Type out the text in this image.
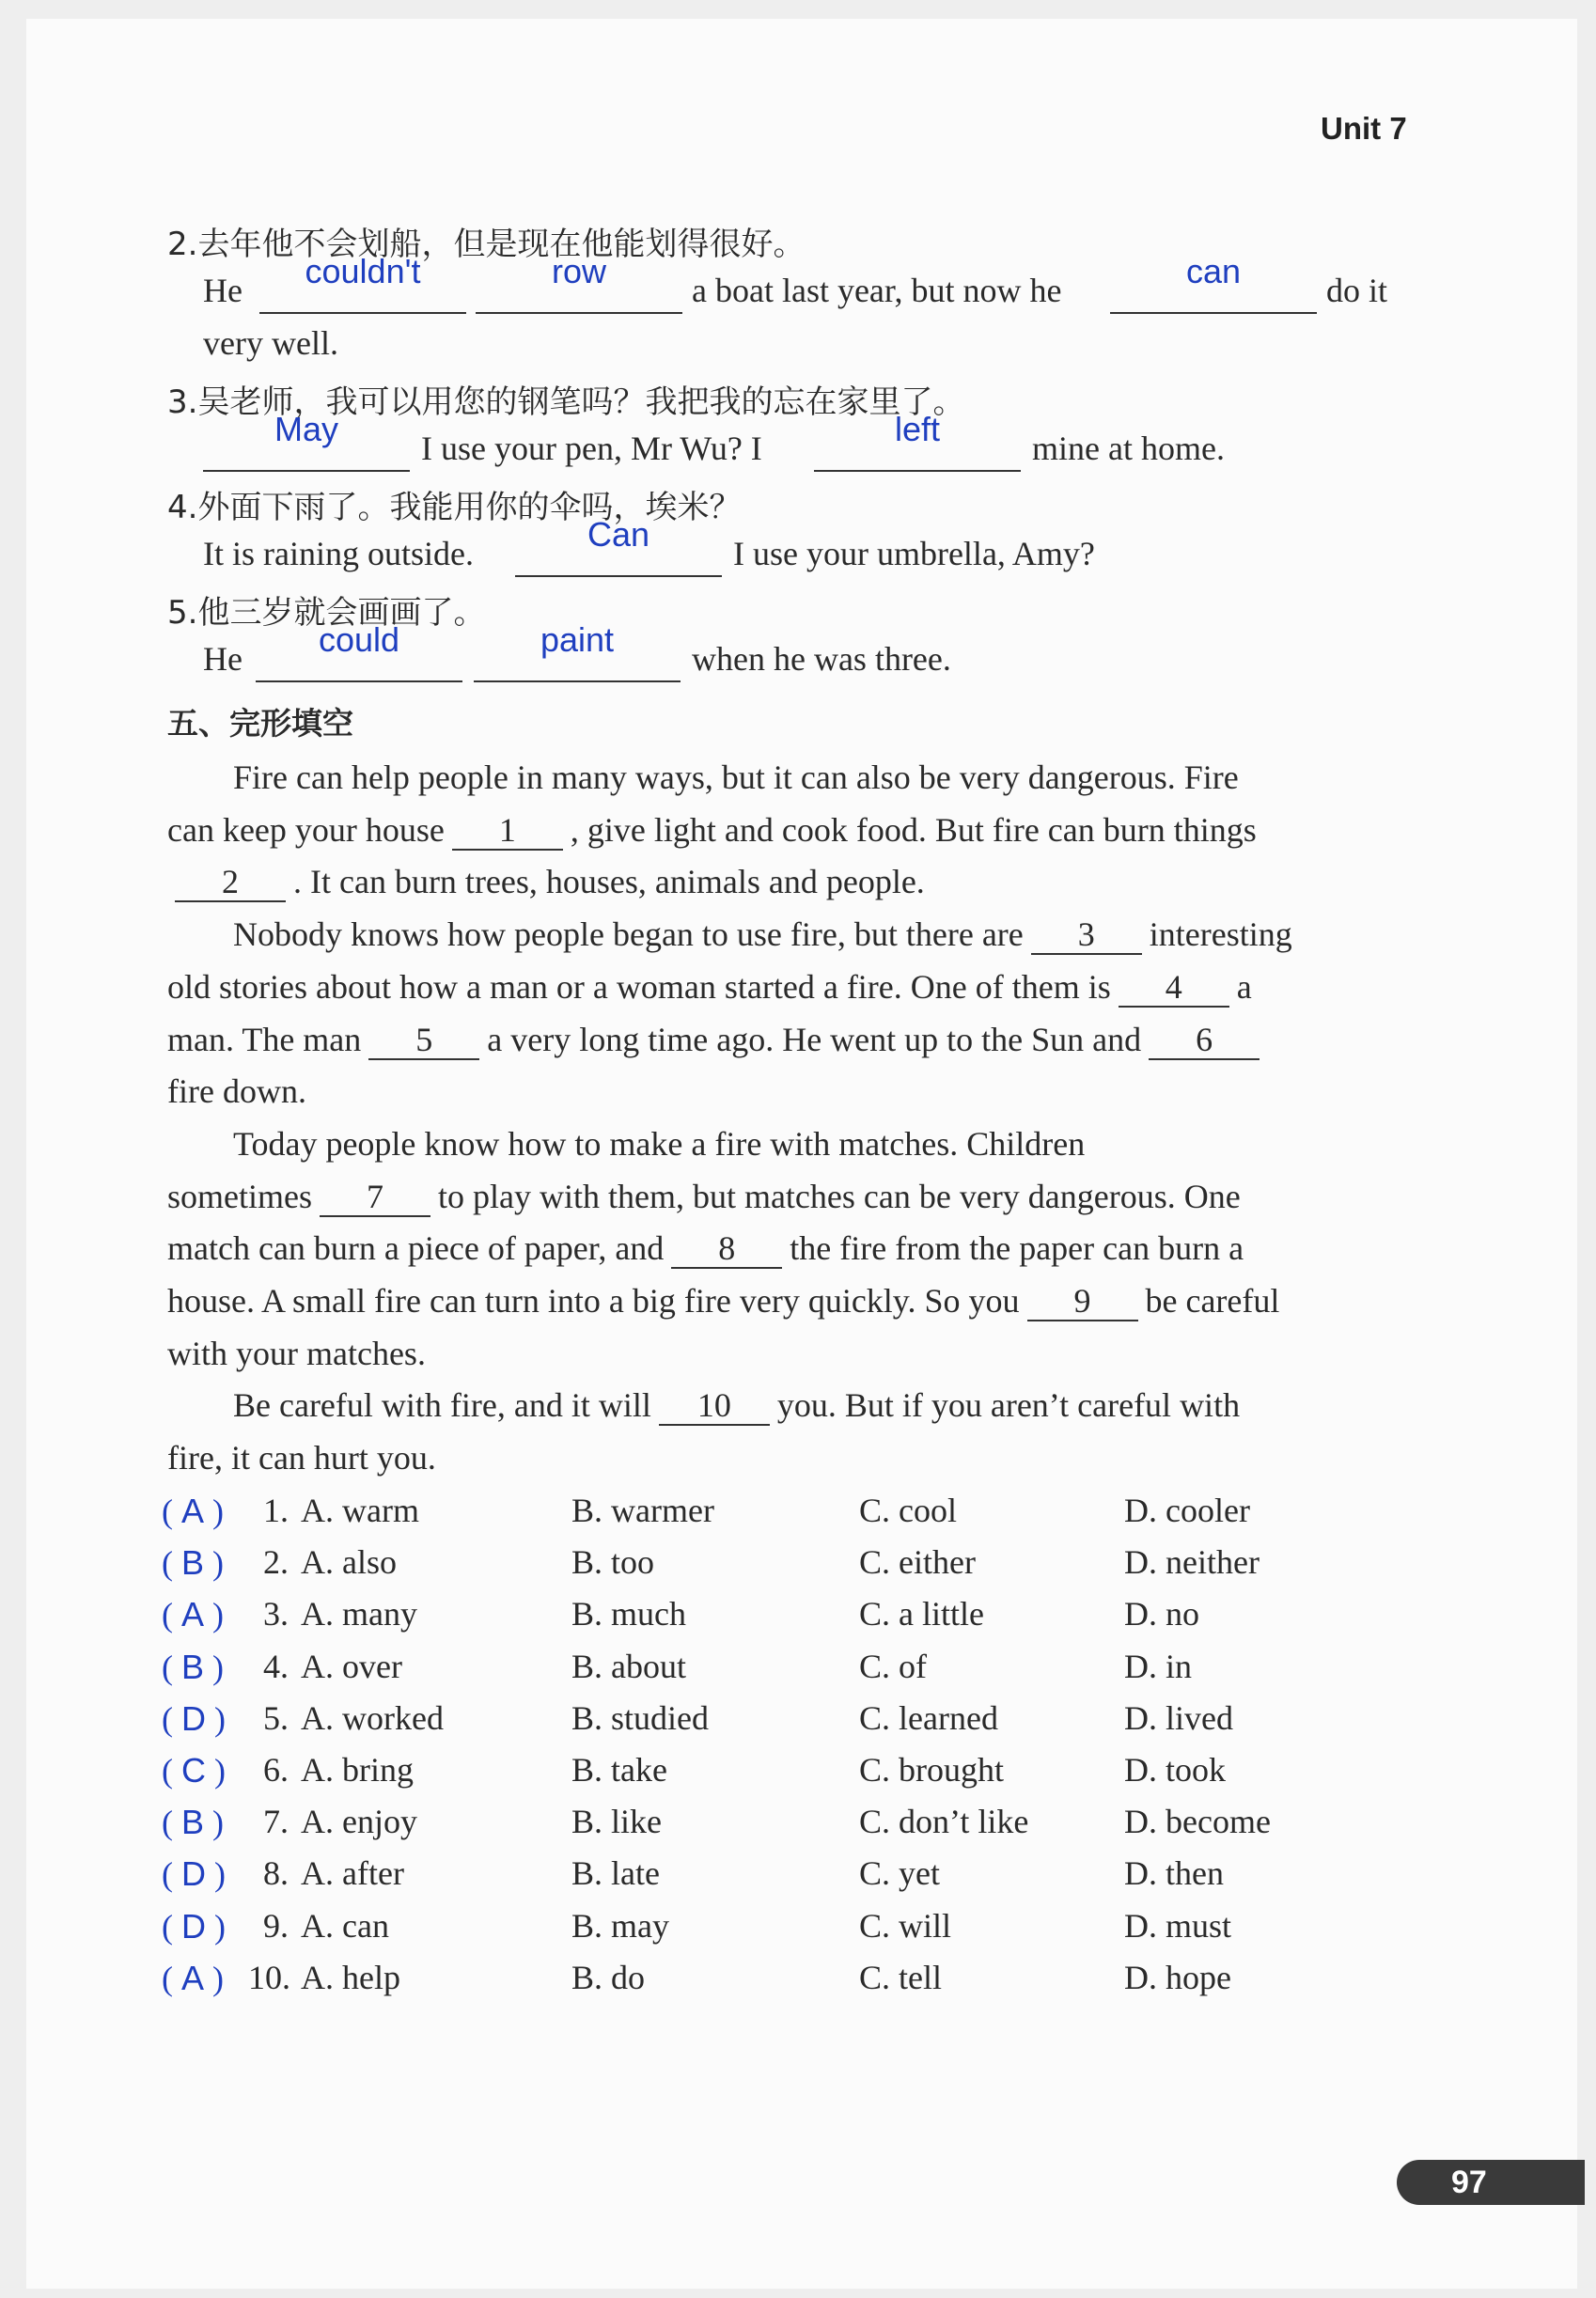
Unit 7
2.去年他不会划船，但是现在他能划得很好。
He	couldn't	row	a boat last year, but now he	can	do it
very well.
3.吴老师，我可以用您的钢笔吗？我把我的忘在家里了。
May	I use your pen, Mr Wu? I	left	mine at home.
4.外面下雨了。我能用你的伞吗，埃米？
It is raining outside.	Can	I use your umbrella, Amy?
5.他三岁就会画画了。
He	could	paint	when he was three.
五、完形填空
Fire can help people in many ways, but it can also be very dangerous. Fire
can keep your house 1 , give light and cook food. But fire can burn things
2 . It can burn trees, houses, animals and people.
Nobody knows how people began to use fire, but there are 3 interesting
old stories about how a man or a woman started a fire. One of them is 4 a
man. The man 5 a very long time ago. He went up to the Sun and 6
fire down.
Today people know how to make a fire with matches. Children
sometimes 7 to play with them, but matches can be very dangerous. One
match can burn a piece of paper, and 8 the fire from the paper can burn a
house. A small fire can turn into a big fire very quickly. So you 9 be careful
with your matches.
Be careful with fire, and it will 10 you. But if you aren’t careful with
fire, it can hurt you.
( A ) 1. A. warm	B. warmer	C. cool	D. cooler
( B ) 2. A. also	B. too	C. either	D. neither
( A ) 3. A. many	B. much	C. a little	D. no
( B ) 4. A. over	B. about	C. of	D. in
( D ) 5. A. worked	B. studied	C. learned	D. lived
( C ) 6. A. bring	B. take	C. brought	D. took
( B ) 7. A. enjoy	B. like	C. don’t like	D. become
( D ) 8. A. after	B. late	C. yet	D. then
( D ) 9. A. can	B. may	C. will	D. must
( A ) 10. A. help	B. do	C. tell	D. hope
97
